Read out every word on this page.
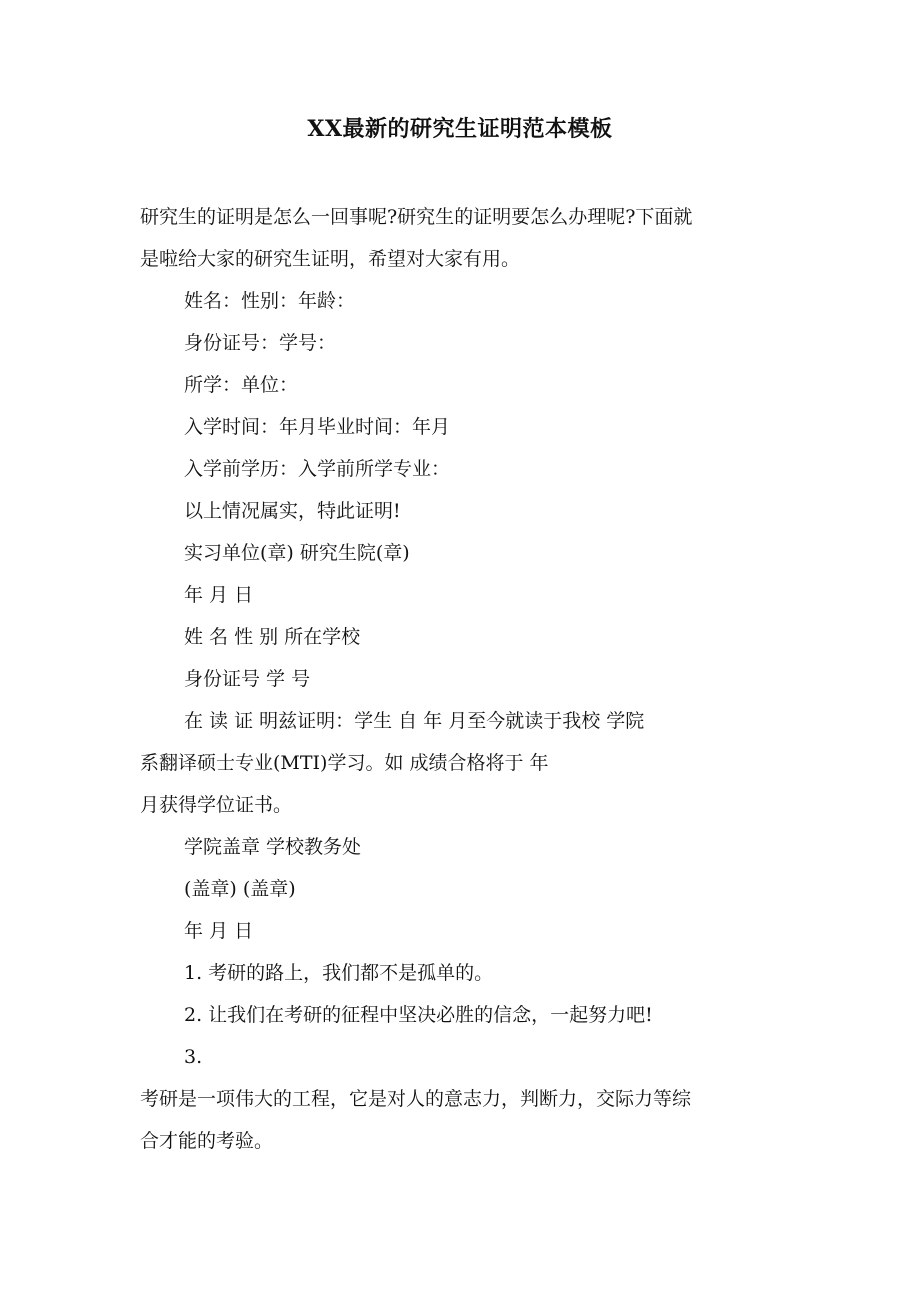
XX最新的研究生证明范本模板

研究生的证明是怎么一回事呢?研究生的证明要怎么办理呢?下面就

是啦给大家的研究生证明，希望对大家有用。

姓名：性别：年龄：

身份证号：学号：

所学：单位：

入学时间：年月毕业时间：年月

入学前学历：入学前所学专业：

以上情况属实，特此证明!

实习单位(章) 研究生院(章)

年 月 日

姓 名 性 别 所在学校

身份证号 学 号

在 读 证 明兹证明：学生 自 年 月至今就读于我校 学院

系翻译硕士专业(MTI)学习。如 成绩合格将于 年

月获得学位证书。

学院盖章 学校教务处

(盖章) (盖章)

年 月 日

1. 考研的路上，我们都不是孤单的。

2. 让我们在考研的征程中坚决必胜的信念，一起努力吧!

3.

考研是一项伟大的工程，它是对人的意志力，判断力，交际力等综

合才能的考验。
